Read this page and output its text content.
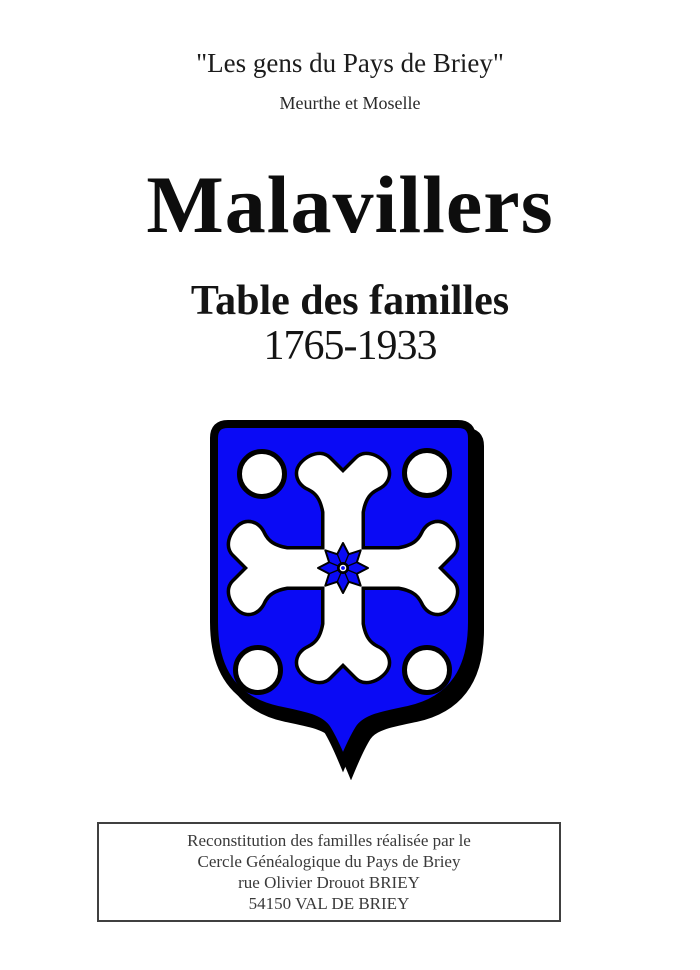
"Les gens du Pays de Briey"
Meurthe et Moselle
Malavillers
Table des familles
1765-1933
Reconstitution des familles réalisée par le
Cercle Généalogique du Pays de Briey
rue Olivier Drouot BRIEY
54150 VAL DE BRIEY
